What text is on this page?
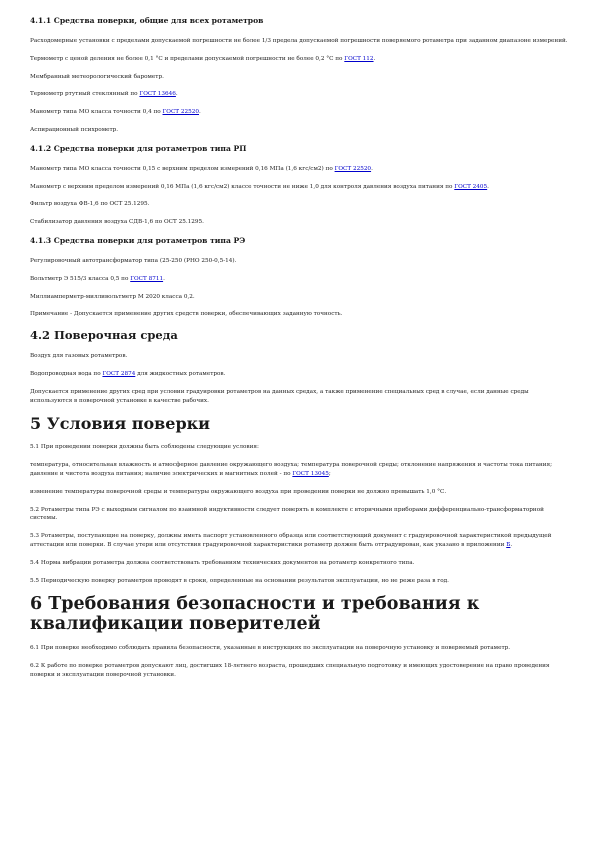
4.1.1 Средства поверки, общие для всех ротаметров

Расходомерные установки с пределами допускаемой погрешности не более 1/3 предела допускаемой погрешности поверяемого ротаметра при заданном диапазоне измерений.

Термометр с ценой деления не более 0,1 °С и пределами допускаемой погрешности не более 0,2 °С по ГОСТ 112.

Мембранный метеорологический барометр.

Термометр ртутный стеклянный по ГОСТ 13646.

Манометр типа МО класса точности 0,4 по ГОСТ 22520.

Аспирационный психрометр.

4.1.2 Средства поверки для ротаметров типа РП

Манометр типа МО класса точности 0,15 с верхним пределом измерений 0,16 МПа (1,6 кгс/см2) по ГОСТ 22520.

Манометр с верхним пределом измерений 0,16 МПа (1,6 кгс/см2) классе точности не ниже 1,0 для контроля давления воздуха питания по ГОСТ 2405.

Фильтр воздуха ФВ-1,6 по ОСТ 25.1295.

Стабилизатор давления воздуха СДВ-1,6 по ОСТ 25.1295.

4.1.3 Средства поверки для ротаметров типа РЭ

Регулировочный автотрансформатор типа (25-250 (РНО 250-0,5-14).

Вольтметр Э 515/3 класса 0,5 по ГОСТ 8711.

Миллиамперметр-милливольтметр М 2020 класса 0,2.

Примечание - Допускается применение других средств поверки, обеспечивающих заданную точность.

4.2 Поверочная среда

Воздух для газовых ротаметров.

Водопроводная вода по ГОСТ 2874 для жидкостных ротаметров.

Допускается применение других сред при условии градуировки ротаметров на данных средах, а также применение специальных сред в случае, если данные среды используются в поверочной установке в качестве рабочих.

5 Условия поверки

5.1 При проведении поверки должны быть соблюдены следующие условия:

температура, относительная влажность и атмосферное давление окружающего воздуха; температура поверочной среды; отклонение напряжения и частоты тока питания; давление и чистота воздуха питания; наличие электрических и магнитных полей - по ГОСТ 13045;

изменение температуры поверочной среды и температуры окружающего воздуха при проведении поверки не должно превышать 1,0 °С.

5.2 Ротаметры типа РЭ с выходным сигналом по взаимной индуктивности следует поверять в комплекте с вторичными приборами дифференциально-трансформаторной системы.

5.3 Ротаметры, поступающие на поверку, должны иметь паспорт установленного образца или соответствующий документ с градуировочной характеристикой предыдущей аттестации или поверки. В случае утери или отсутствия градуировочной характеристики ротаметр должен быть отградуирован, как указано в приложении Б.

5.4 Норма вибрации ротаметра должна соответствовать требованиям технических документов на ротаметр конкретного типа.

5.5 Периодическую поверку ротаметров проводят в сроки, определенные на основании результатов эксплуатации, но не реже раза в год.

6 Требования безопасности и требования к квалификации поверителей

6.1 При поверке необходимо соблюдать правила безопасности, указанные в инструкциях по эксплуатации на поверочную установку и поверяемый ротаметр.

6.2 К работе по поверке ротаметров допускают лиц, достигших 18-летнего возраста, прошедших специальную подготовку и имеющих удостоверение на право проведения поверки и эксплуатации поверочной установки.
